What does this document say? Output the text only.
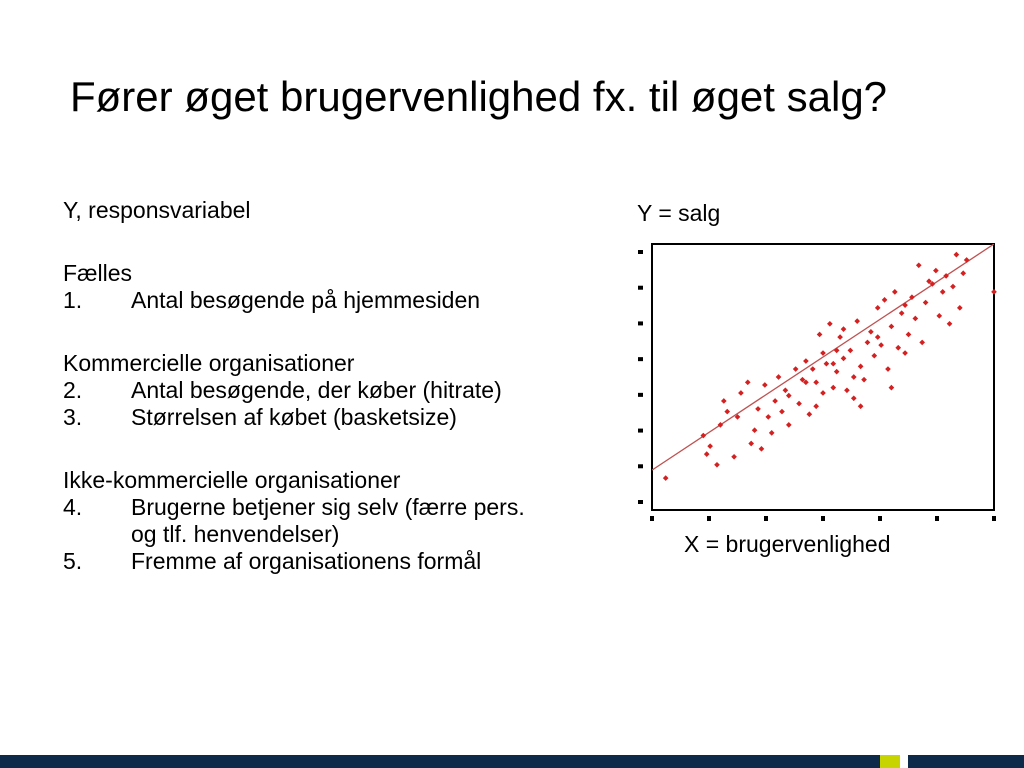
Fører øget brugervenlighed fx. til øget salg?
Y, responsvariabel
Fælles
1.	Antal besøgende på hjemmesiden
Kommercielle organisationer
2.	Antal besøgende, der køber (hitrate)
3.	Størrelsen af købet (basketsize)
Ikke-kommercielle organisationer
4.	Brugerne betjener sig selv (færre pers. og tlf. henvendelser)
5.	Fremme af organisationens formål
Y = salg
X = brugervenlighed
